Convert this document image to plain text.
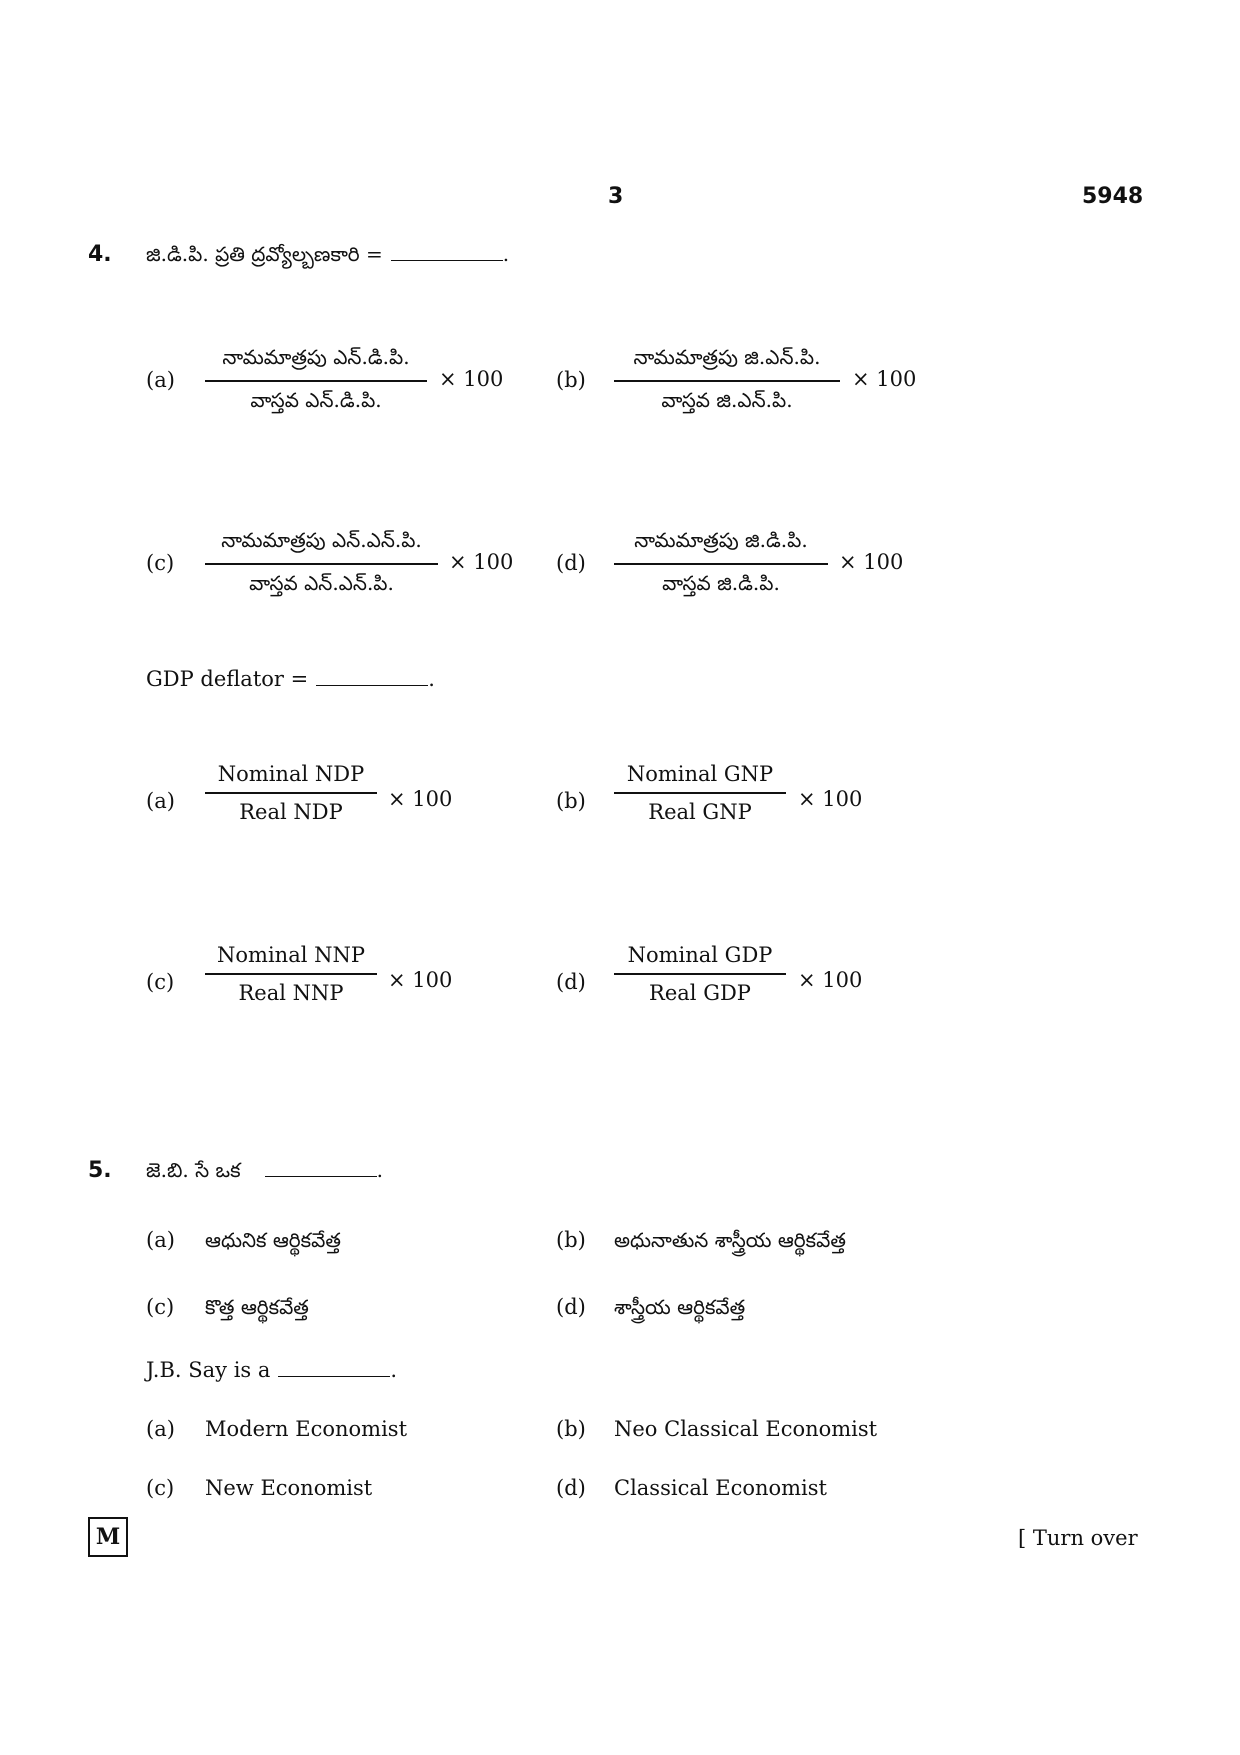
3	5948
4. జి.డి.పి. ప్రతి ద్రవ్యోల్బణకారి =	.
(a)
నామమాత్రపు ఎన్.డి.పి.
వాస్తవ ఎన్.డి.పి.
× 100	(b)
నామమాత్రపు జి.ఎన్.పి.
వాస్తవ జి.ఎన్.పి.
× 100
(c)
నామమాత్రపు ఎన్.ఎన్.పి.
వాస్తవ ఎన్.ఎన్.పి.
× 100 (d)
నామమాత్రపు జి.డి.పి.
వాస్తవ జి.డి.పి.
× 100
GDP deflator =	.
(a)
Nominal NDP
Real NDP
× 100	(b)
Nominal GNP
Real GNP
× 100
(c)
Nominal NNP
Real NNP
× 100	(d)
Nominal GDP
Real GDP
× 100
5. జె.బి. సే ఒక	.
(a) ఆధునిక ఆర్థికవేత్త	(b) అధునాతున శాస్త్రీయ ఆర్థికవేత్త
(c) కొత్త ఆర్థికవేత్త	(d) శాస్త్రీయ ఆర్థికవేత్త
J.B. Say is a	.
(a) Modern Economist	(b) Neo Classical Economist
(c) New Economist	(d) Classical Economist
M	[ Turn over
